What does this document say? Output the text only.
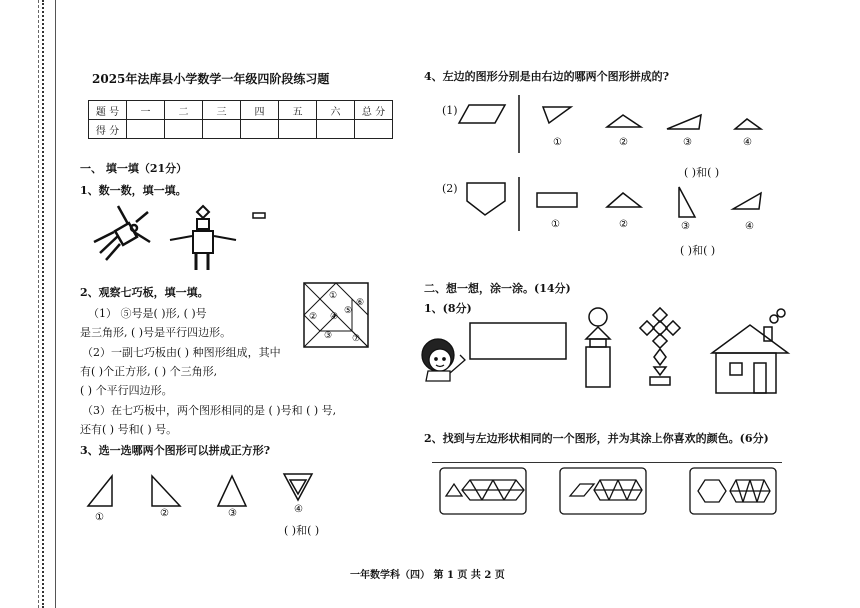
2025年法库县小学数学一年级四阶段练习题
题 号	一	二	三	四	五	六	总 分
得 分							
一、 填一填（21分）
1、数一数，填一填。
2、观察七巧板，填一填。	①
②
③
④
⑤
⑥
⑦
（1） ⑤号是( )形, ( )号
是三角形, ( )号是平行四边形。
（2）一副七巧板由( ) 种图形组成，其中
有( )个正方形, ( ) 个三角形,
( ) 个平行四边形。
（3）在七巧板中，两个图形相同的是 ( )号和 ( ) 号,
还有( ) 号和( ) 号。
3、选一选哪两个图形可以拼成正方形?
①	②	③	④
( )和( )
4、左边的图形分别是由右边的哪两个图形拼成的?
(1)
①	②	③	④
( )和( )
(2)
①	②	③	④
( )和( )
二、想一想，涂一涂。(14分)
1、(8分)
2、找到与左边形状相同的一个图形，并为其涂上你喜欢的颜色。(6分)
一年数学科（四） 第 1 页 共 2 页
